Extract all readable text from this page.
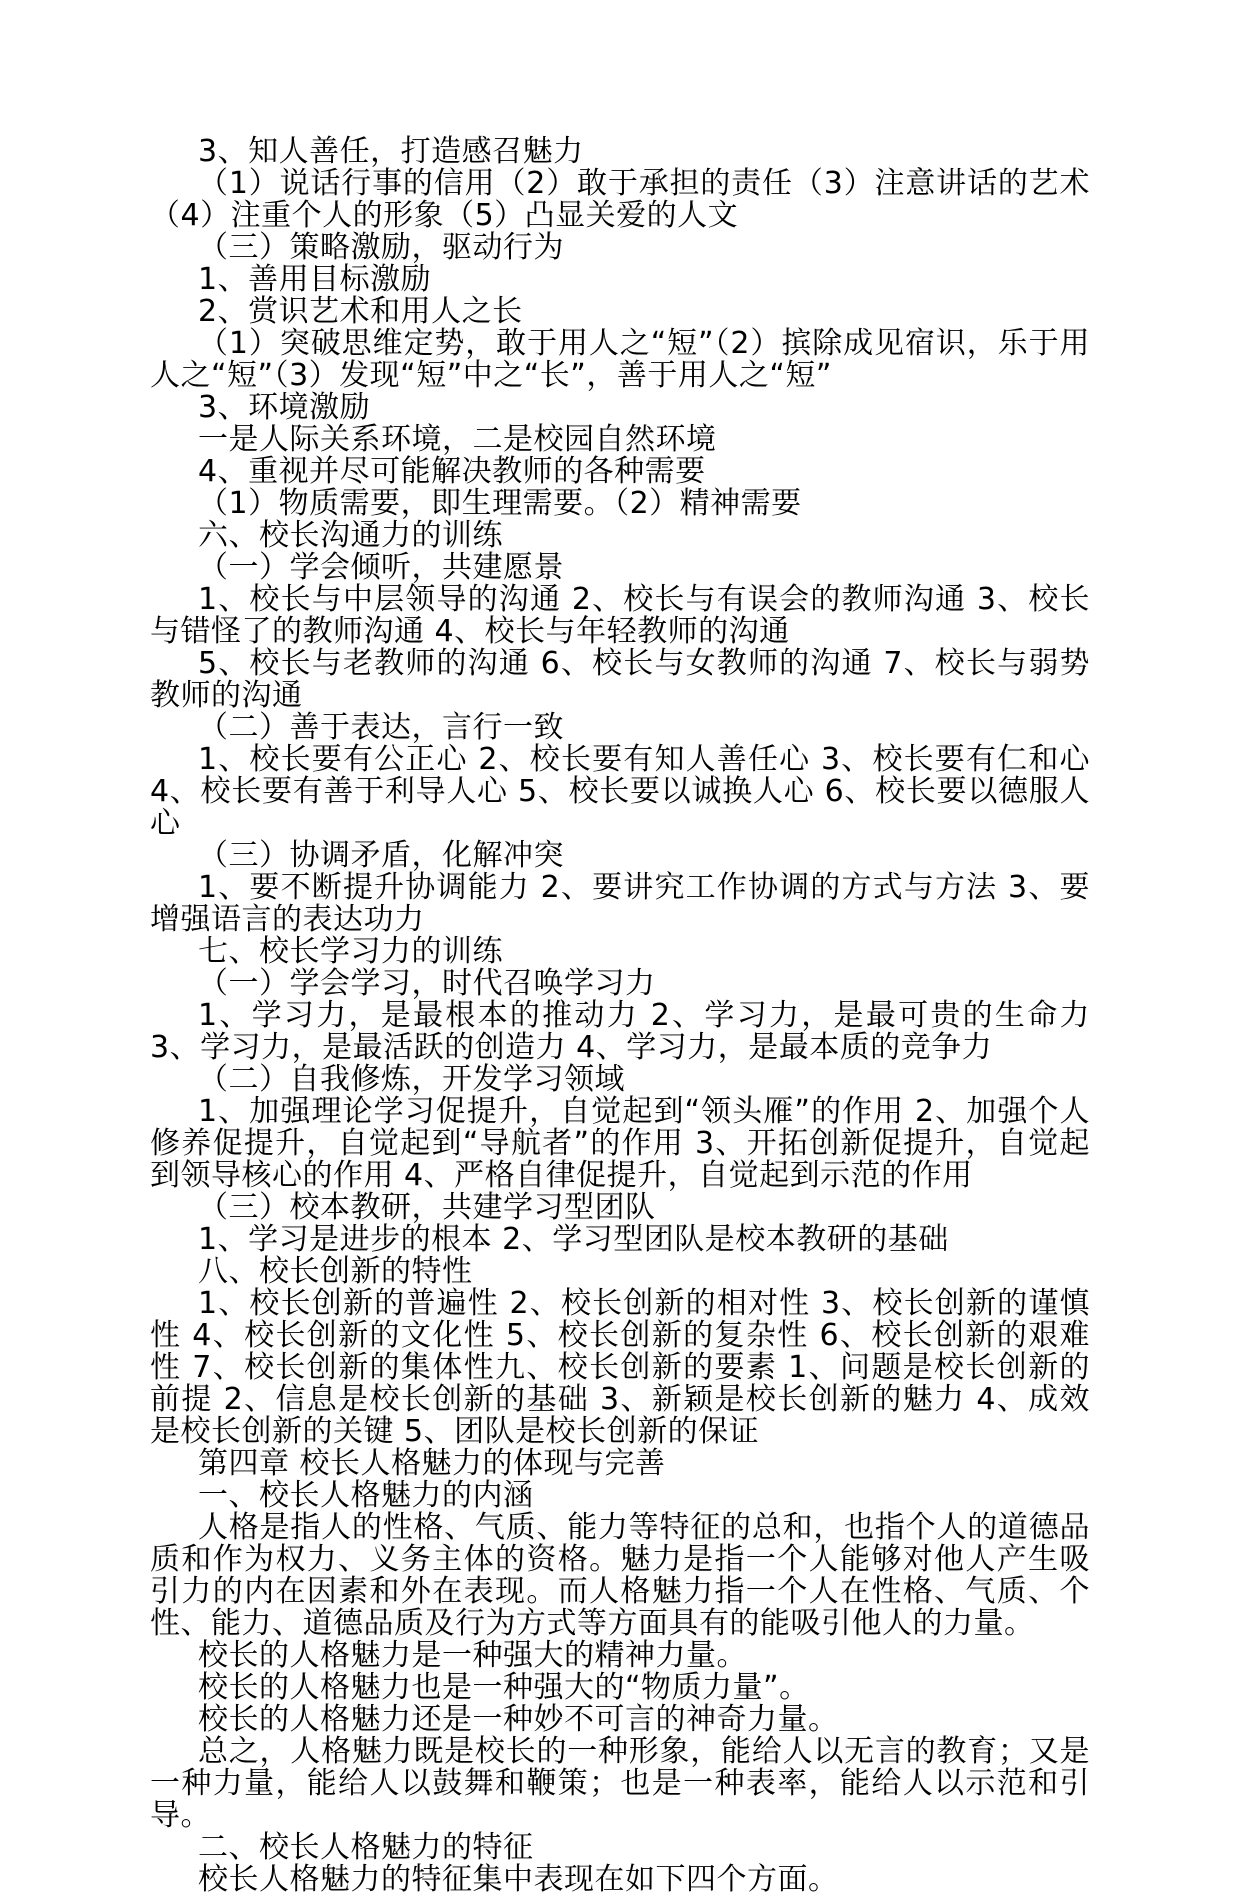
3、知人善任，打造感召魅力

（1）说话行事的信用（2）敢于承担的责任（3）注意讲话的艺术（4）注重个人的形象（5）凸显关爱的人文

（三）策略激励，驱动行为

1、善用目标激励

2、赏识艺术和用人之长

（1）突破思维定势，敢于用人之“短”（2）摈除成见宿识，乐于用人之“短”（3）发现“短”中之“长”，善于用人之“短”

3、环境激励

一是人际关系环境，二是校园自然环境

4、重视并尽可能解决教师的各种需要

（1）物质需要，即生理需要。（2）精神需要

六、校长沟通力的训练

（一）学会倾听，共建愿景

1、校长与中层领导的沟通 2、校长与有误会的教师沟通 3、校长与错怪了的教师沟通 4、校长与年轻教师的沟通

5、校长与老教师的沟通 6、校长与女教师的沟通 7、校长与弱势教师的沟通

（二）善于表达，言行一致

1、校长要有公正心 2、校长要有知人善任心 3、校长要有仁和心 4、校长要有善于利导人心 5、校长要以诚换人心 6、校长要以德服人心

（三）协调矛盾，化解冲突

1、要不断提升协调能力 2、要讲究工作协调的方式与方法 3、要增强语言的表达功力

七、校长学习力的训练

（一）学会学习，时代召唤学习力

1、学习力，是最根本的推动力 2、学习力，是最可贵的生命力 3、学习力，是最活跃的创造力 4、学习力，是最本质的竞争力

（二）自我修炼，开发学习领域

1、加强理论学习促提升，自觉起到“领头雁”的作用 2、加强个人修养促提升，自觉起到“导航者”的作用 3、开拓创新促提升，自觉起到领导核心的作用 4、严格自律促提升，自觉起到示范的作用

（三）校本教研，共建学习型团队

1、学习是进步的根本 2、学习型团队是校本教研的基础

八、校长创新的特性

1、校长创新的普遍性 2、校长创新的相对性 3、校长创新的谨慎性 4、校长创新的文化性 5、校长创新的复杂性 6、校长创新的艰难性 7、校长创新的集体性九、校长创新的要素 1、问题是校长创新的前提 2、信息是校长创新的基础 3、新颖是校长创新的魅力 4、成效是校长创新的关键 5、团队是校长创新的保证

第四章 校长人格魅力的体现与完善

一、校长人格魅力的内涵

人格是指人的性格、气质、能力等特征的总和，也指个人的道德品质和作为权力、义务主体的资格。魅力是指一个人能够对他人产生吸引力的内在因素和外在表现。而人格魅力指一个人在性格、气质、个性、能力、道德品质及行为方式等方面具有的能吸引他人的力量。

校长的人格魅力是一种强大的精神力量。

校长的人格魅力也是一种强大的“物质力量”。

校长的人格魅力还是一种妙不可言的神奇力量。

总之，人格魅力既是校长的一种形象，能给人以无言的教育；又是一种力量，能给人以鼓舞和鞭策；也是一种表率，能给人以示范和引导。

二、校长人格魅力的特征

校长人格魅力的特征集中表现在如下四个方面。
